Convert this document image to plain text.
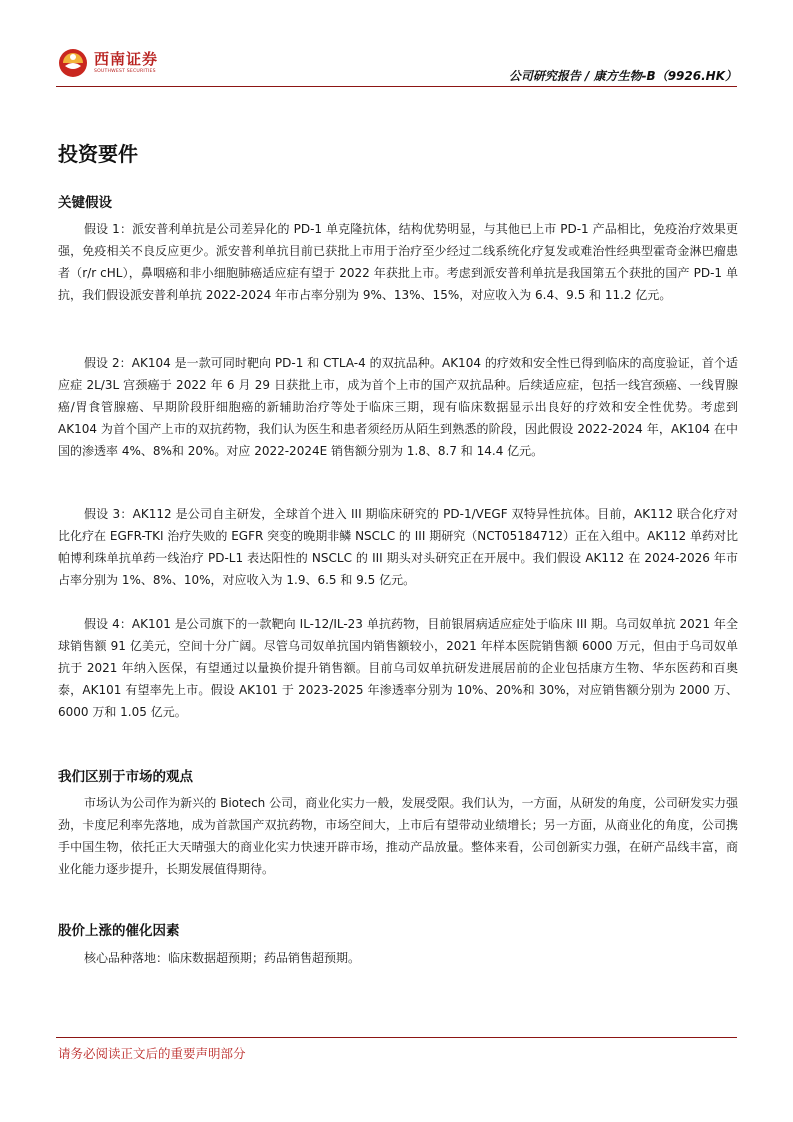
西南证券
SOUTHWEST SECURITIES	公司研究报告 / 康方生物-B（9926.HK）
投资要件
关键假设

假设 1：派安普利单抗是公司差异化的 PD-1 单克隆抗体，结构优势明显，与其他已上市 PD-1 产品相比，免疫治疗效果更强，免疫相关不良反应更少。派安普利单抗目前已获批上市用于治疗至少经过二线系统化疗复发或难治性经典型霍奇金淋巴瘤患者（r/r cHL），鼻咽癌和非小细胞肺癌适应症有望于 2022 年获批上市。考虑到派安普利单抗是我国第五个获批的国产 PD-1 单抗，我们假设派安普利单抗 2022-2024 年市占率分别为 9%、13%、15%，对应收入为 6.4、9.5 和 11.2 亿元。

假设 2：AK104 是一款可同时靶向 PD-1 和 CTLA-4 的双抗品种。AK104 的疗效和安全性已得到临床的高度验证，首个适应症 2L/3L 宫颈癌于 2022 年 6 月 29 日获批上市，成为首个上市的国产双抗品种。后续适应症，包括一线宫颈癌、一线胃腺癌/胃食管腺癌、早期阶段肝细胞癌的新辅助治疗等处于临床三期，现有临床数据显示出良好的疗效和安全性优势。考虑到 AK104 为首个国产上市的双抗药物，我们认为医生和患者须经历从陌生到熟悉的阶段，因此假设 2022-2024 年，AK104 在中国的渗透率 4%、8%和 20%。对应 2022-2024E 销售额分别为 1.8、8.7 和 14.4 亿元。

假设 3：AK112 是公司自主研发，全球首个进入 III 期临床研究的 PD-1/VEGF 双特异性抗体。目前，AK112 联合化疗对比化疗在 EGFR-TKI 治疗失败的 EGFR 突变的晚期非鳞 NSCLC 的 III 期研究（NCT05184712）正在入组中。AK112 单药对比帕博利珠单抗单药一线治疗 PD-L1 表达阳性的 NSCLC 的 III 期头对头研究正在开展中。我们假设 AK112 在 2024-2026 年市占率分别为 1%、8%、10%，对应收入为 1.9、6.5 和 9.5 亿元。

假设 4：AK101 是公司旗下的一款靶向 IL-12/IL-23 单抗药物，目前银屑病适应症处于临床 III 期。乌司奴单抗 2021 年全球销售额 91 亿美元，空间十分广阔。尽管乌司奴单抗国内销售额较小，2021 年样本医院销售额 6000 万元，但由于乌司奴单抗于 2021 年纳入医保，有望通过以量换价提升销售额。目前乌司奴单抗研发进展居前的企业包括康方生物、华东医药和百奥泰，AK101 有望率先上市。假设 AK101 于 2023-2025 年渗透率分别为 10%、20%和 30%，对应销售额分别为 2000 万、6000 万和 1.05 亿元。

我们区别于市场的观点

市场认为公司作为新兴的 Biotech 公司，商业化实力一般，发展受限。我们认为，一方面，从研发的角度，公司研发实力强劲，卡度尼利率先落地，成为首款国产双抗药物，市场空间大，上市后有望带动业绩增长；另一方面，从商业化的角度，公司携手中国生物，依托正大天晴强大的商业化实力快速开辟市场，推动产品放量。整体来看，公司创新实力强，在研产品线丰富，商业化能力逐步提升，长期发展值得期待。

股价上涨的催化因素

核心品种落地：临床数据超预期；药品销售超预期。

请务必阅读正文后的重要声明部分
